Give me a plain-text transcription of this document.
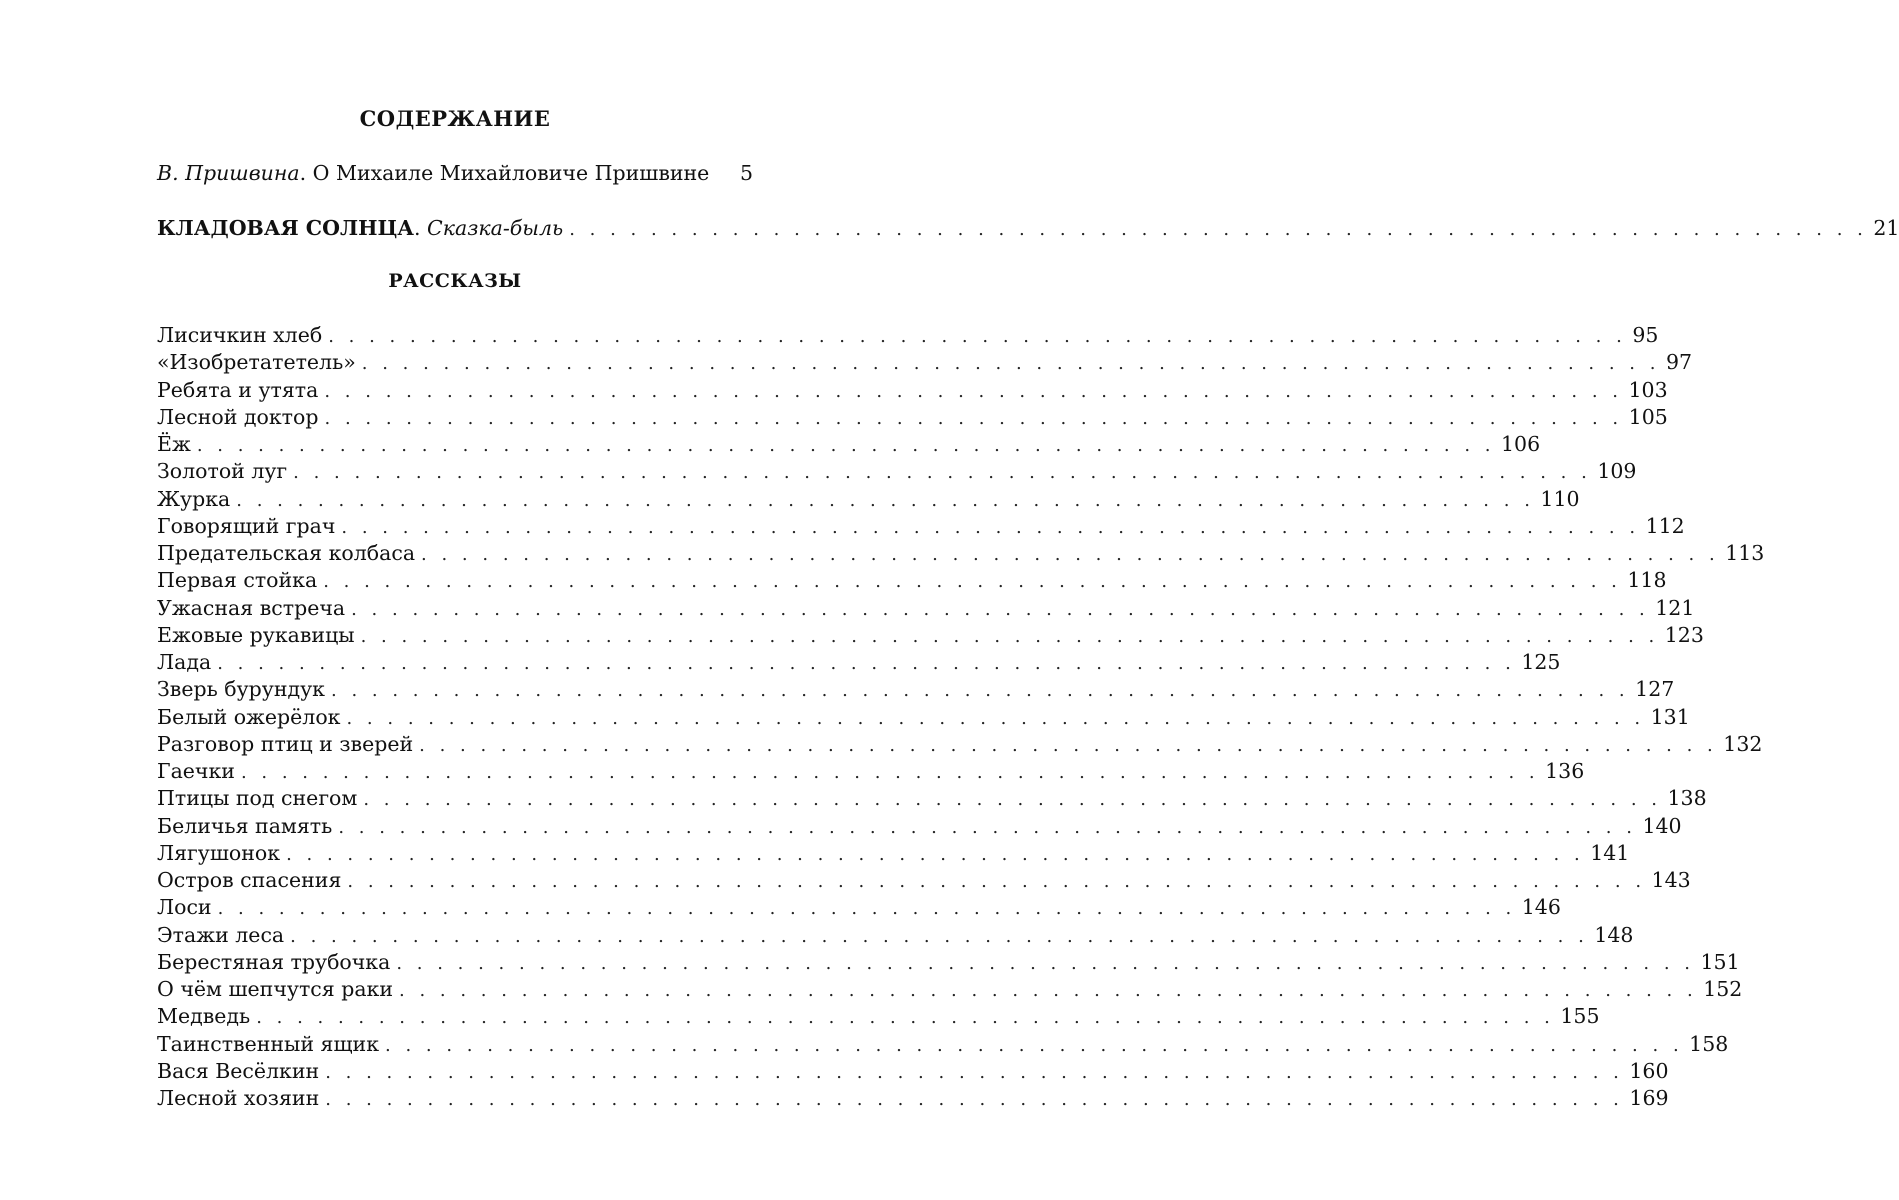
СОДЕРЖАНИЕ
В. Пришвина. О Михаиле Михайловиче Пришвине 5
КЛАДОВАЯ СОЛНЦА. Сказка-быль . . . . . . . . . . . . . . . . . . . . . . . . . . . . . . . . . . . . . . . . . . . . . . . . . . . . . . . . . . . . . . . . 21
РАССКАЗЫ
Лисичкин хлеб . . . . . . . . . . . . . . . . . . . . . . . . . . . . . . . . . . . . . . . . . . . . . . . . . . . . . . . . . . . . . . . . 95
«Изобретатетель» . . . . . . . . . . . . . . . . . . . . . . . . . . . . . . . . . . . . . . . . . . . . . . . . . . . . . . . . . . . . . . . . 97
Ребята и утята . . . . . . . . . . . . . . . . . . . . . . . . . . . . . . . . . . . . . . . . . . . . . . . . . . . . . . . . . . . . . . . . 103
Лесной доктор . . . . . . . . . . . . . . . . . . . . . . . . . . . . . . . . . . . . . . . . . . . . . . . . . . . . . . . . . . . . . . . . 105
Ёж . . . . . . . . . . . . . . . . . . . . . . . . . . . . . . . . . . . . . . . . . . . . . . . . . . . . . . . . . . . . . . . . 106
Золотой луг . . . . . . . . . . . . . . . . . . . . . . . . . . . . . . . . . . . . . . . . . . . . . . . . . . . . . . . . . . . . . . . . 109
Журка . . . . . . . . . . . . . . . . . . . . . . . . . . . . . . . . . . . . . . . . . . . . . . . . . . . . . . . . . . . . . . . . 110
Говорящий грач . . . . . . . . . . . . . . . . . . . . . . . . . . . . . . . . . . . . . . . . . . . . . . . . . . . . . . . . . . . . . . . . 112
Предательская колбаса . . . . . . . . . . . . . . . . . . . . . . . . . . . . . . . . . . . . . . . . . . . . . . . . . . . . . . . . . . . . . . . . 113
Первая стойка . . . . . . . . . . . . . . . . . . . . . . . . . . . . . . . . . . . . . . . . . . . . . . . . . . . . . . . . . . . . . . . . 118
Ужасная встреча . . . . . . . . . . . . . . . . . . . . . . . . . . . . . . . . . . . . . . . . . . . . . . . . . . . . . . . . . . . . . . . . 121
Ежовые рукавицы . . . . . . . . . . . . . . . . . . . . . . . . . . . . . . . . . . . . . . . . . . . . . . . . . . . . . . . . . . . . . . . . 123
Лада . . . . . . . . . . . . . . . . . . . . . . . . . . . . . . . . . . . . . . . . . . . . . . . . . . . . . . . . . . . . . . . . 125
Зверь бурундук . . . . . . . . . . . . . . . . . . . . . . . . . . . . . . . . . . . . . . . . . . . . . . . . . . . . . . . . . . . . . . . . 127
Белый ожерёлок . . . . . . . . . . . . . . . . . . . . . . . . . . . . . . . . . . . . . . . . . . . . . . . . . . . . . . . . . . . . . . . . 131
Разговор птиц и зверей . . . . . . . . . . . . . . . . . . . . . . . . . . . . . . . . . . . . . . . . . . . . . . . . . . . . . . . . . . . . . . . . 132
Гаечки . . . . . . . . . . . . . . . . . . . . . . . . . . . . . . . . . . . . . . . . . . . . . . . . . . . . . . . . . . . . . . . . 136
Птицы под снегом . . . . . . . . . . . . . . . . . . . . . . . . . . . . . . . . . . . . . . . . . . . . . . . . . . . . . . . . . . . . . . . . 138
Беличья память . . . . . . . . . . . . . . . . . . . . . . . . . . . . . . . . . . . . . . . . . . . . . . . . . . . . . . . . . . . . . . . . 140
Лягушонок . . . . . . . . . . . . . . . . . . . . . . . . . . . . . . . . . . . . . . . . . . . . . . . . . . . . . . . . . . . . . . . . 141
Остров спасения . . . . . . . . . . . . . . . . . . . . . . . . . . . . . . . . . . . . . . . . . . . . . . . . . . . . . . . . . . . . . . . . 143
Лоси . . . . . . . . . . . . . . . . . . . . . . . . . . . . . . . . . . . . . . . . . . . . . . . . . . . . . . . . . . . . . . . . 146
Этажи леса . . . . . . . . . . . . . . . . . . . . . . . . . . . . . . . . . . . . . . . . . . . . . . . . . . . . . . . . . . . . . . . . 148
Берестяная трубочка . . . . . . . . . . . . . . . . . . . . . . . . . . . . . . . . . . . . . . . . . . . . . . . . . . . . . . . . . . . . . . . . 151
О чём шепчутся раки . . . . . . . . . . . . . . . . . . . . . . . . . . . . . . . . . . . . . . . . . . . . . . . . . . . . . . . . . . . . . . . . 152
Медведь . . . . . . . . . . . . . . . . . . . . . . . . . . . . . . . . . . . . . . . . . . . . . . . . . . . . . . . . . . . . . . . . 155
Таинственный ящик . . . . . . . . . . . . . . . . . . . . . . . . . . . . . . . . . . . . . . . . . . . . . . . . . . . . . . . . . . . . . . . . 158
Вася Весёлкин . . . . . . . . . . . . . . . . . . . . . . . . . . . . . . . . . . . . . . . . . . . . . . . . . . . . . . . . . . . . . . . . 160
Лесной хозяин . . . . . . . . . . . . . . . . . . . . . . . . . . . . . . . . . . . . . . . . . . . . . . . . . . . . . . . . . . . . . . . . 169
